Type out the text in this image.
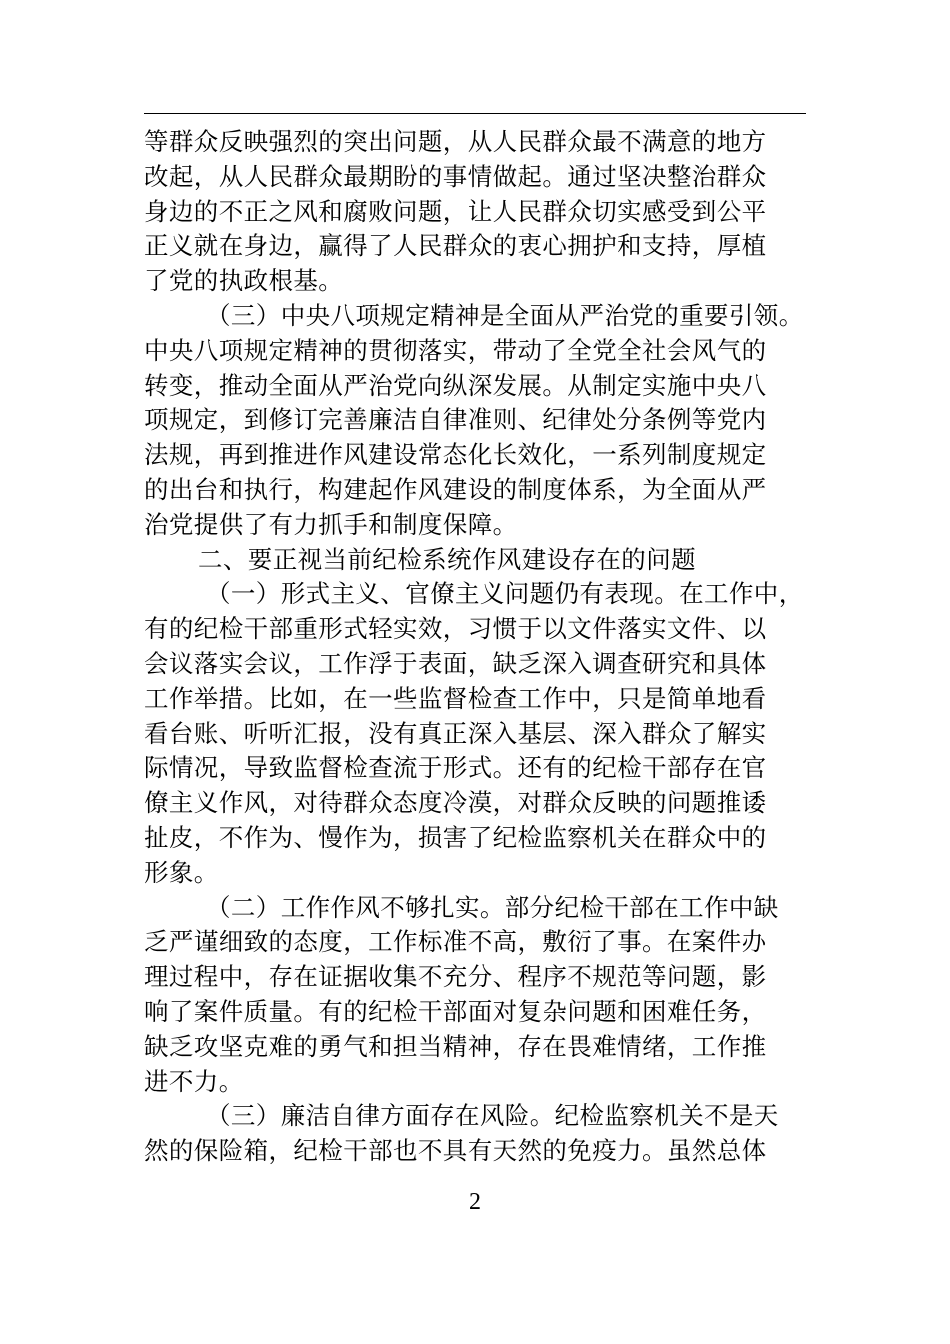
等群众反映强烈的突出问题，从人民群众最不满意的地方
改起，从人民群众最期盼的事情做起。通过坚决整治群众
身边的不正之风和腐败问题，让人民群众切实感受到公平
正义就在身边，赢得了人民群众的衷心拥护和支持，厚植
了党的执政根基。
（三）中央八项规定精神是全面从严治党的重要引领。
中央八项规定精神的贯彻落实，带动了全党全社会风气的
转变，推动全面从严治党向纵深发展。从制定实施中央八
项规定，到修订完善廉洁自律准则、纪律处分条例等党内
法规，再到推进作风建设常态化长效化，一系列制度规定
的出台和执行，构建起作风建设的制度体系，为全面从严
治党提供了有力抓手和制度保障。
二、要正视当前纪检系统作风建设存在的问题
（一）形式主义、官僚主义问题仍有表现。在工作中，
有的纪检干部重形式轻实效，习惯于以文件落实文件、以
会议落实会议，工作浮于表面，缺乏深入调查研究和具体
工作举措。比如，在一些监督检查工作中，只是简单地看
看台账、听听汇报，没有真正深入基层、深入群众了解实
际情况，导致监督检查流于形式。还有的纪检干部存在官
僚主义作风，对待群众态度冷漠，对群众反映的问题推诿
扯皮，不作为、慢作为，损害了纪检监察机关在群众中的
形象。
（二）工作作风不够扎实。部分纪检干部在工作中缺
乏严谨细致的态度，工作标准不高，敷衍了事。在案件办
理过程中，存在证据收集不充分、程序不规范等问题，影
响了案件质量。有的纪检干部面对复杂问题和困难任务，
缺乏攻坚克难的勇气和担当精神，存在畏难情绪，工作推
进不力。
（三）廉洁自律方面存在风险。纪检监察机关不是天
然的保险箱，纪检干部也不具有天然的免疫力。虽然总体
2
